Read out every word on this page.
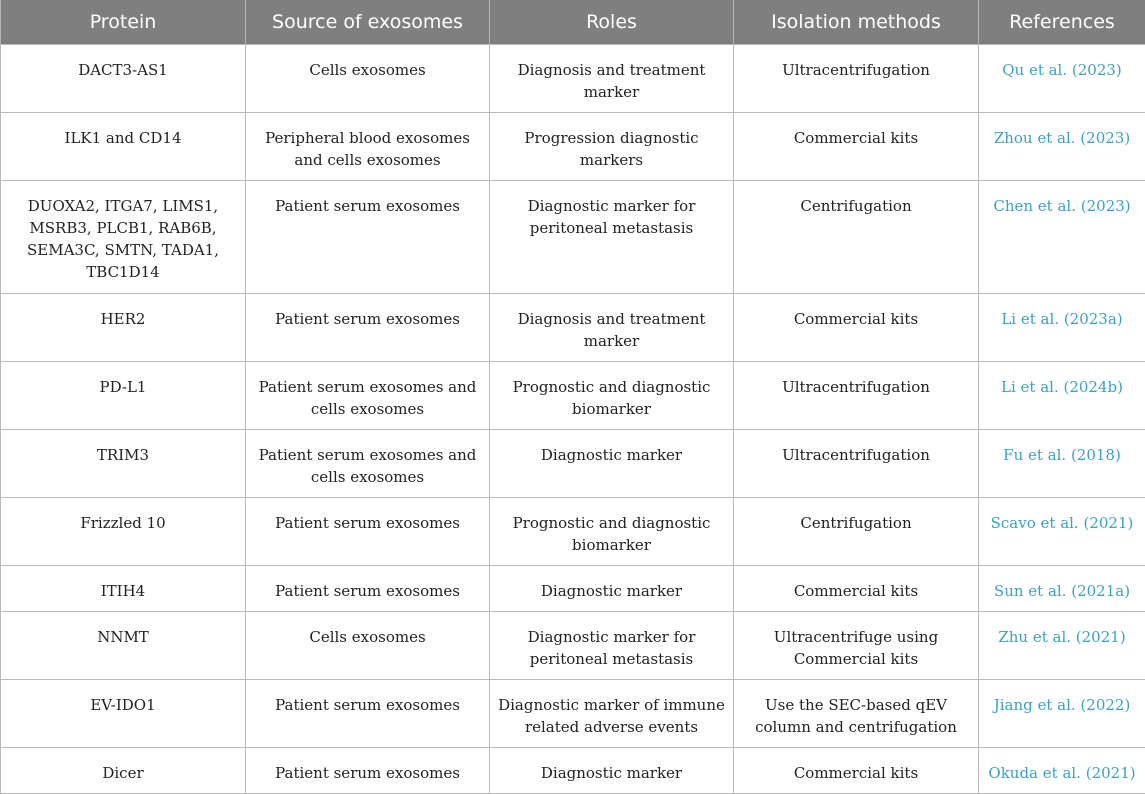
Protein	Source of exosomes	Roles	Isolation methods	References
DACT3-AS1	Cells exosomes	Diagnosis and treatment marker	Ultracentrifugation	Qu et al. (2023)
ILK1 and CD14	Peripheral blood exosomes and cells exosomes	Progression diagnostic markers	Commercial kits	Zhou et al. (2023)
DUOXA2, ITGA7, LIMS1, MSRB3, PLCB1, RAB6B, SEMA3C, SMTN, TADA1, TBC1D14	Patient serum exosomes	Diagnostic marker for peritoneal metastasis	Centrifugation	Chen et al. (2023)
HER2	Patient serum exosomes	Diagnosis and treatment marker	Commercial kits	Li et al. (2023a)
PD-L1	Patient serum exosomes and cells exosomes	Prognostic and diagnostic biomarker	Ultracentrifugation	Li et al. (2024b)
TRIM3	Patient serum exosomes and cells exosomes	Diagnostic marker	Ultracentrifugation	Fu et al. (2018)
Frizzled 10	Patient serum exosomes	Prognostic and diagnostic biomarker	Centrifugation	Scavo et al. (2021)
ITIH4	Patient serum exosomes	Diagnostic marker	Commercial kits	Sun et al. (2021a)
NNMT	Cells exosomes	Diagnostic marker for peritoneal metastasis	Ultracentrifuge using Commercial kits	Zhu et al. (2021)
EV-IDO1	Patient serum exosomes	Diagnostic marker of immune related adverse events	Use the SEC-based qEV column and centrifugation	Jiang et al. (2022)
Dicer	Patient serum exosomes	Diagnostic marker	Commercial kits	Okuda et al. (2021)
